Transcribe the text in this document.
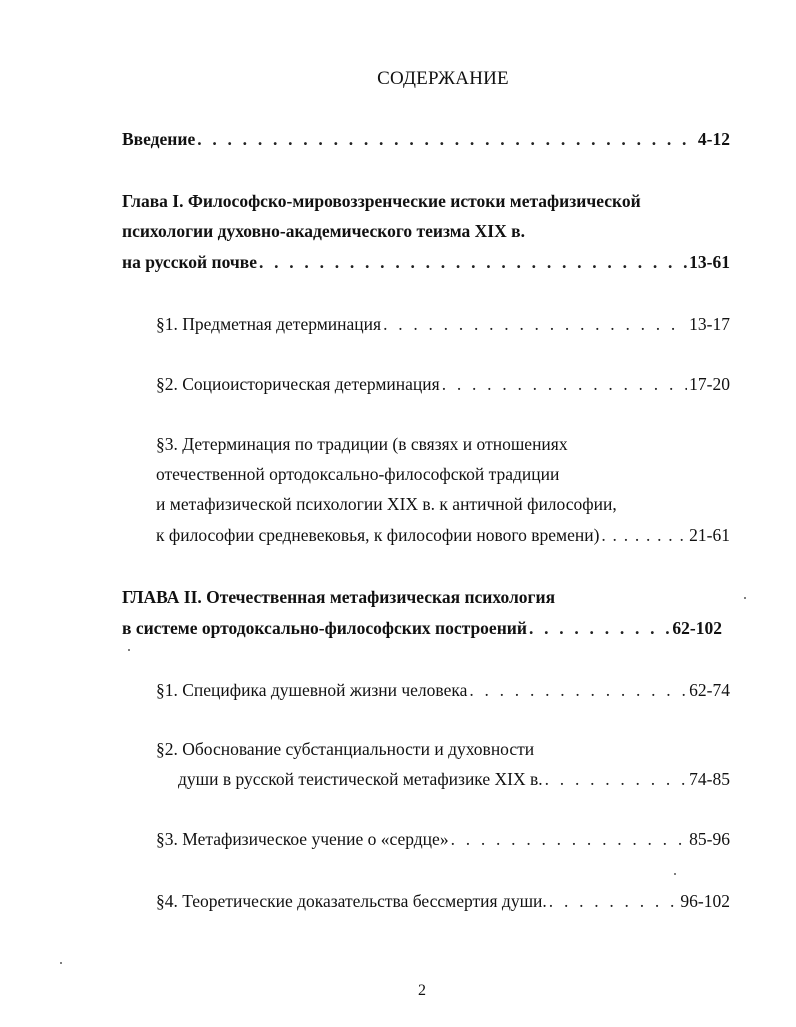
СОДЕРЖАНИЕ
Введение . . .	4-12
Глава I. Философско-мировоззренческие истоки метафизической
психологии духовно-академического теизма XIX в.
на русской почве . . .	13-61
§1. Предметная детерминация . . .	13-17
§2. Социоисторическая детерминация . . .	17-20
§3. Детерминация по традиции (в связях и отношениях
отечественной ортодоксально-философской традиции
и метафизической психологии XIX в. к античной философии,
к философии средневековья, к философии нового времени) . . .	21-61
ГЛАВА II. Отечественная метафизическая психология
в системе ортодоксально-философских построений . . .	62-102
§1. Специфика душевной жизни человека . . .	62-74
§2. Обоснование субстанциальности и духовности
души в русской теистической метафизике XIX в. . . .	74-85
§3. Метафизическое учение о «сердце» . . .	85-96
§4. Теоретические доказательства бессмертия души. . . .	96-102
2
